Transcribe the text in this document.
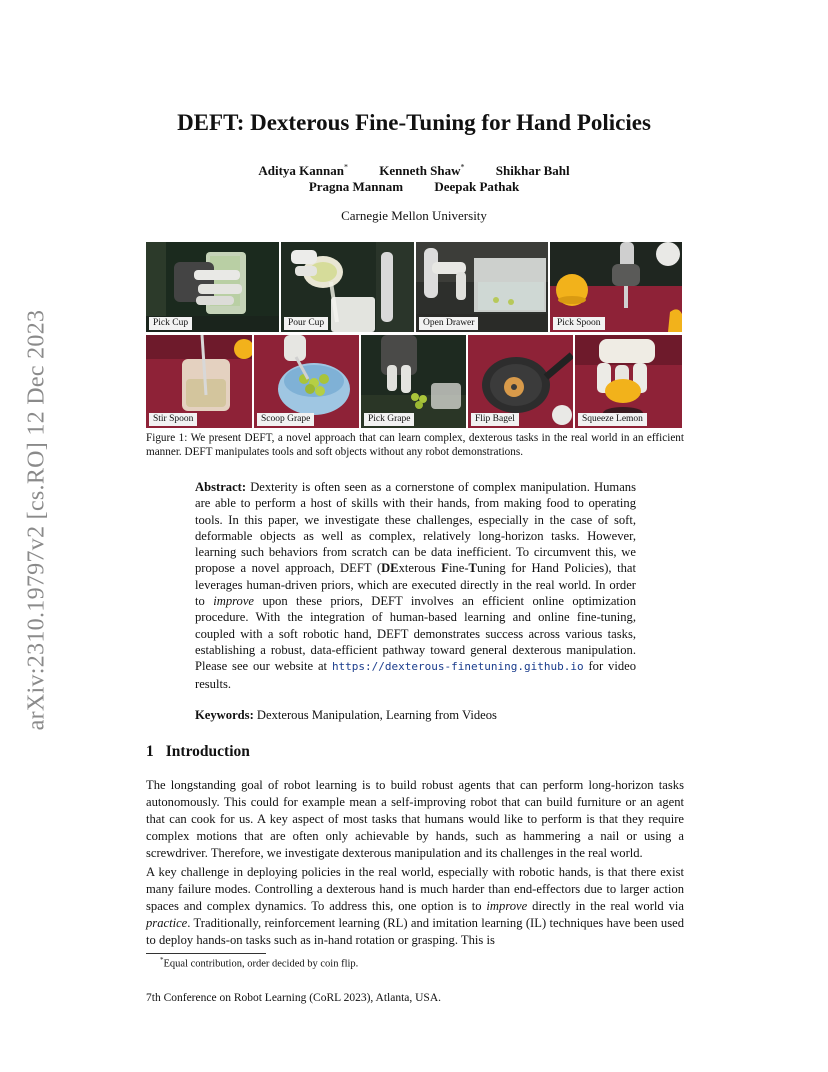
arXiv:2310.19797v2 [cs.RO] 12 Dec 2023
DEFT: Dexterous Fine-Tuning for Hand Policies
Aditya Kannan* Kenneth Shaw* Shikhar Bahl
Pragna Mannam Deepak Pathak
Carnegie Mellon University
Pick Cup	Pour Cup	Open Drawer	Pick Spoon
Stir Spoon	Scoop Grape	Pick Grape	Flip Bagel	Squeeze Lemon
Figure 1: We present DEFT, a novel approach that can learn complex, dexterous tasks in the real world in an efficient manner. DEFT manipulates tools and soft objects without any robot demonstrations.
Abstract: Dexterity is often seen as a cornerstone of complex manipulation. Humans are able to perform a host of skills with their hands, from making food to operating tools. In this paper, we investigate these challenges, especially in the case of soft, deformable objects as well as complex, relatively long-horizon tasks. However, learning such behaviors from scratch can be data inefficient. To circumvent this, we propose a novel approach, DEFT (DExterous Fine-Tuning for Hand Policies), that leverages human-driven priors, which are executed directly in the real world. In order to improve upon these priors, DEFT involves an efficient online optimization procedure. With the integration of human-based learning and online fine-tuning, coupled with a soft robotic hand, DEFT demonstrates success across various tasks, establishing a robust, data-efficient pathway toward general dexterous manipulation. Please see our website at https://dexterous-finetuning.github.io for video results.
Keywords: Dexterous Manipulation, Learning from Videos
1 Introduction
The longstanding goal of robot learning is to build robust agents that can perform long-horizon tasks autonomously. This could for example mean a self-improving robot that can build furniture or an agent that can cook for us. A key aspect of most tasks that humans would like to perform is that they require complex motions that are often only achievable by hands, such as hammering a nail or using a screwdriver. Therefore, we investigate dexterous manipulation and its challenges in the real world.
A key challenge in deploying policies in the real world, especially with robotic hands, is that there exist many failure modes. Controlling a dexterous hand is much harder than end-effectors due to larger action spaces and complex dynamics. To address this, one option is to improve directly in the real world via practice. Traditionally, reinforcement learning (RL) and imitation learning (IL) techniques have been used to deploy hands-on tasks such as in-hand rotation or grasping. This is
*Equal contribution, order decided by coin flip.
7th Conference on Robot Learning (CoRL 2023), Atlanta, USA.
